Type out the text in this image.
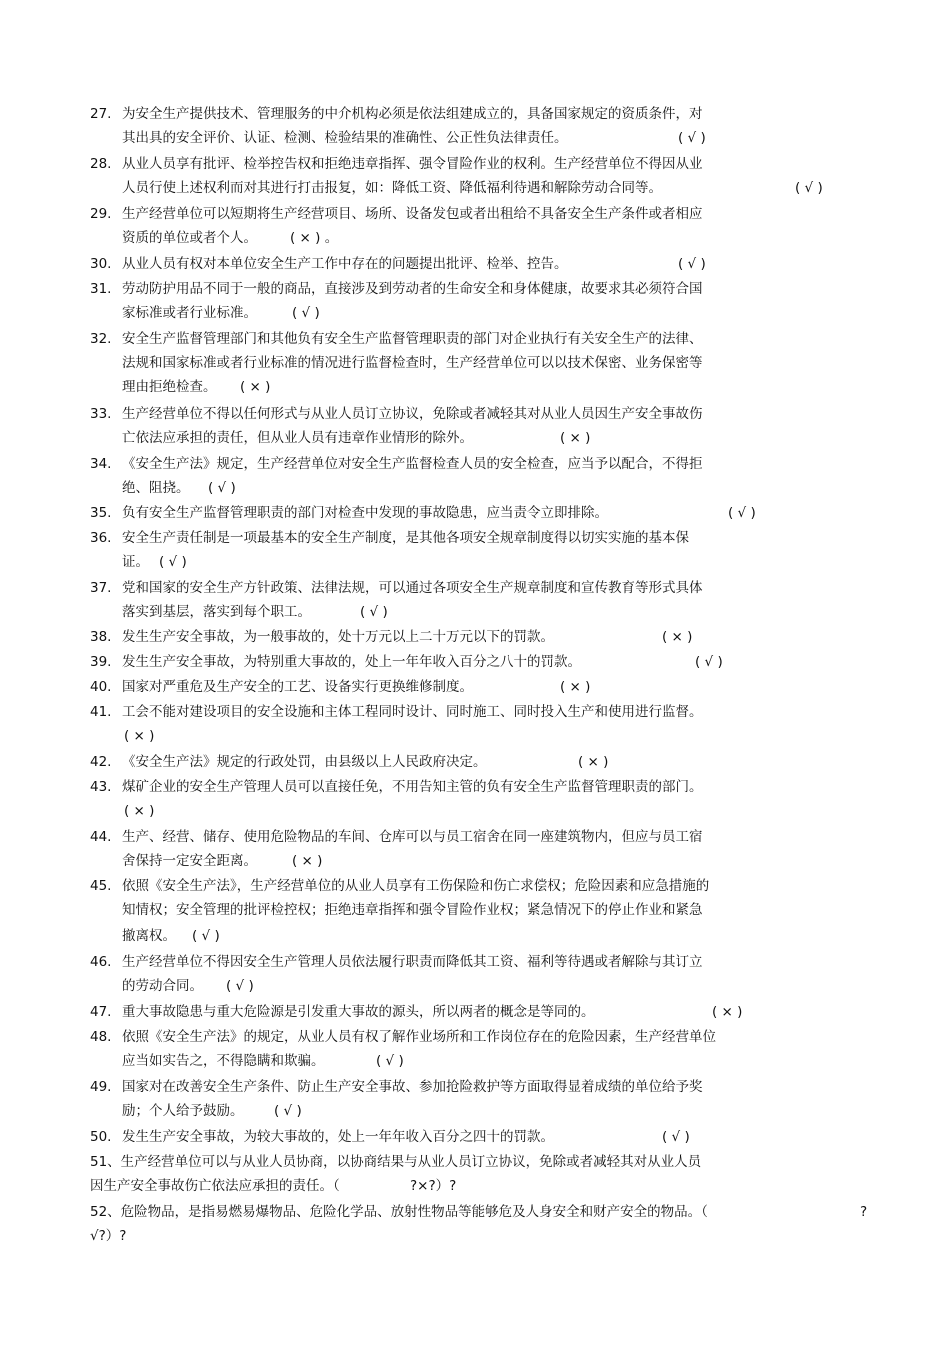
27. 为安全生产提供技术、管理服务的中介机构必须是依法组建成立的，具备国家规定的资质条件，对
其出具的安全评价、认证、检测、检验结果的准确性、公正性负法律责任。	( √ )
28. 从业人员享有批评、检举控告权和拒绝违章指挥、强令冒险作业的权利。生产经营单位不得因从业
人员行使上述权利而对其进行打击报复，如：降低工资、降低福利待遇和解除劳动合同等。	( √ )
29. 生产经营单位可以短期将生产经营项目、场所、设备发包或者出租给不具备安全生产条件或者相应
资质的单位或者个人。 ( × ) 。
30. 从业人员有权对本单位安全生产工作中存在的问题提出批评、检举、控告。	( √ )
31. 劳动防护用品不同于一般的商品，直接涉及到劳动者的生命安全和身体健康，故要求其必须符合国
家标准或者行业标准。	( √ )
32. 安全生产监督管理部门和其他负有安全生产监督管理职责的部门对企业执行有关安全生产的法律、
法规和国家标准或者行业标准的情况进行监督检查时，生产经营单位可以以技术保密、业务保密等
理由拒绝检查。 ( × )
33. 生产经营单位不得以任何形式与从业人员订立协议，免除或者减轻其对从业人员因生产安全事故伤
亡依法应承担的责任，但从业人员有违章作业情形的除外。	( × )
34. 《安全生产法》规定，生产经营单位对安全生产监督检查人员的安全检查，应当予以配合，不得拒
绝、阻挠。 ( √ )
35. 负有安全生产监督管理职责的部门对检查中发现的事故隐患，应当责令立即排除。	( √ )
36. 安全生产责任制是一项最基本的安全生产制度，是其他各项安全规章制度得以切实实施的基本保
证。 ( √ )
37. 党和国家的安全生产方针政策、法律法规，可以通过各项安全生产规章制度和宣传教育等形式具体
落实到基层，落实到每个职工。	( √ )
38. 发生生产安全事故，为一般事故的，处十万元以上二十万元以下的罚款。	( × )
39. 发生生产安全事故，为特别重大事故的，处上一年年收入百分之八十的罚款。	( √ )
40. 国家对严重危及生产安全的工艺、设备实行更换维修制度。	( × )
41. 工会不能对建设项目的安全设施和主体工程同时设计、同时施工、同时投入生产和使用进行监督。
( × )
42. 《安全生产法》规定的行政处罚，由县级以上人民政府决定。	( × )
43. 煤矿企业的安全生产管理人员可以直接任免，不用告知主管的负有安全生产监督管理职责的部门。
( × )
44. 生产、经营、储存、使用危险物品的车间、仓库可以与员工宿舍在同一座建筑物内，但应与员工宿
舍保持一定安全距离。	( × )
45. 依照《安全生产法》，生产经营单位的从业人员享有工伤保险和伤亡求偿权；危险因素和应急措施的
知情权；安全管理的批评检控权；拒绝违章指挥和强令冒险作业权；紧急情况下的停止作业和紧急
撤离权。 ( √ )
46. 生产经营单位不得因安全生产管理人员依法履行职责而降低其工资、福利等待遇或者解除与其订立
的劳动合同。 ( √ )
47. 重大事故隐患与重大危险源是引发重大事故的源头，所以两者的概念是等同的。	( × )
48. 依照《安全生产法》的规定，从业人员有权了解作业场所和工作岗位存在的危险因素，生产经营单位
应当如实告之，不得隐瞒和欺骗。	( √ )
49. 国家对在改善安全生产条件、防止生产安全事故、参加抢险救护等方面取得显着成绩的单位给予奖
励；个人给予鼓励。 ( √ )
50. 发生生产安全事故，为较大事故的，处上一年年收入百分之四十的罚款。	( √ )
51、生产经营单位可以与从业人员协商，以协商结果与从业人员订立协议，免除或者减轻其对从业人员
因生产安全事故伤亡依法应承担的责任。（	?×?）?
52、危险物品，是指易燃易爆物品、危险化学品、放射性物品等能够危及人身安全和财产安全的物品。（	?
√?）?
